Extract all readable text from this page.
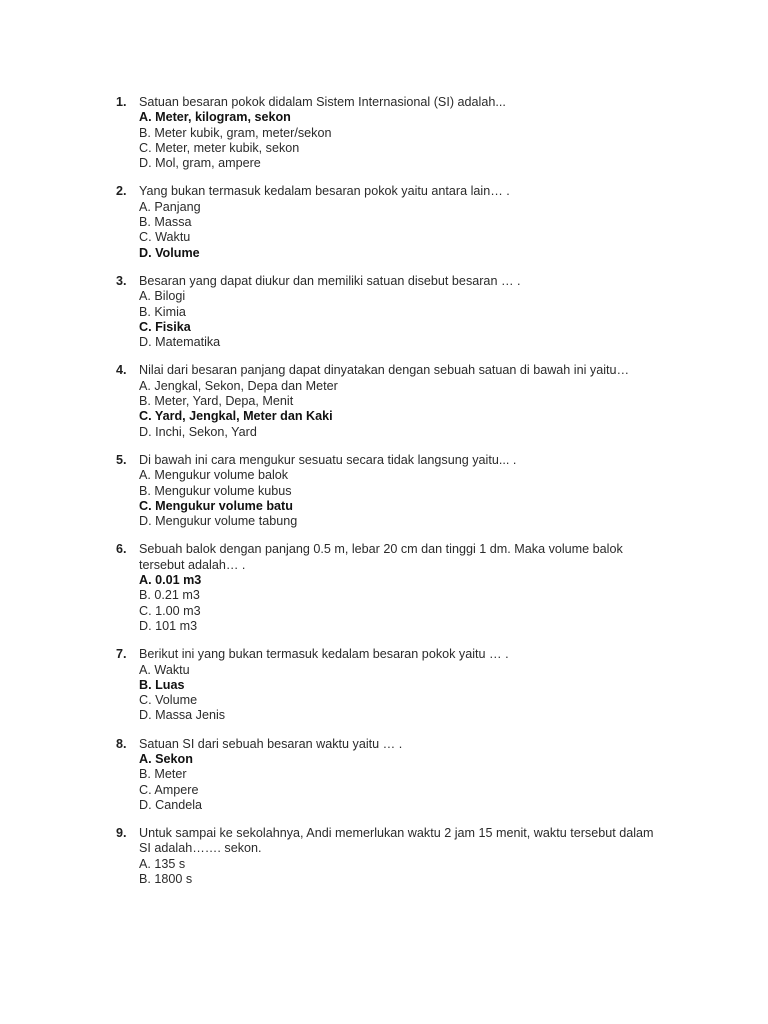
1. Satuan besaran pokok didalam Sistem Internasional (SI) adalah...
A. Meter, kilogram, sekon
B. Meter kubik, gram, meter/sekon
C. Meter, meter kubik, sekon
D. Mol, gram, ampere
2. Yang bukan termasuk kedalam besaran pokok yaitu antara lain… .
A. Panjang
B. Massa
C. Waktu
D. Volume
3. Besaran yang dapat diukur dan memiliki satuan disebut besaran … .
A. Bilogi
B. Kimia
C. Fisika
D. Matematika
4. Nilai dari besaran panjang dapat dinyatakan dengan sebuah satuan di bawah ini yaitu…
A. Jengkal, Sekon, Depa dan Meter
B. Meter, Yard, Depa, Menit
C. Yard, Jengkal, Meter dan Kaki
D. Inchi, Sekon, Yard
5. Di bawah ini cara mengukur sesuatu secara tidak langsung yaitu... .
A. Mengukur volume balok
B. Mengukur volume kubus
C. Mengukur volume batu
D. Mengukur volume tabung
6. Sebuah balok dengan panjang 0.5 m, lebar 20 cm dan tinggi 1 dm. Maka volume balok tersebut adalah… .
A. 0.01 m3
B. 0.21 m3
C. 1.00 m3
D. 101 m3
7. Berikut ini yang bukan termasuk kedalam besaran pokok yaitu … .
A. Waktu
B. Luas
C. Volume
D. Massa Jenis
8. Satuan SI dari sebuah besaran waktu yaitu … .
A. Sekon
B. Meter
C. Ampere
D. Candela
9. Untuk sampai ke sekolahnya, Andi memerlukan waktu 2 jam 15 menit, waktu tersebut dalam SI adalah……. sekon.
A. 135 s
B. 1800 s
